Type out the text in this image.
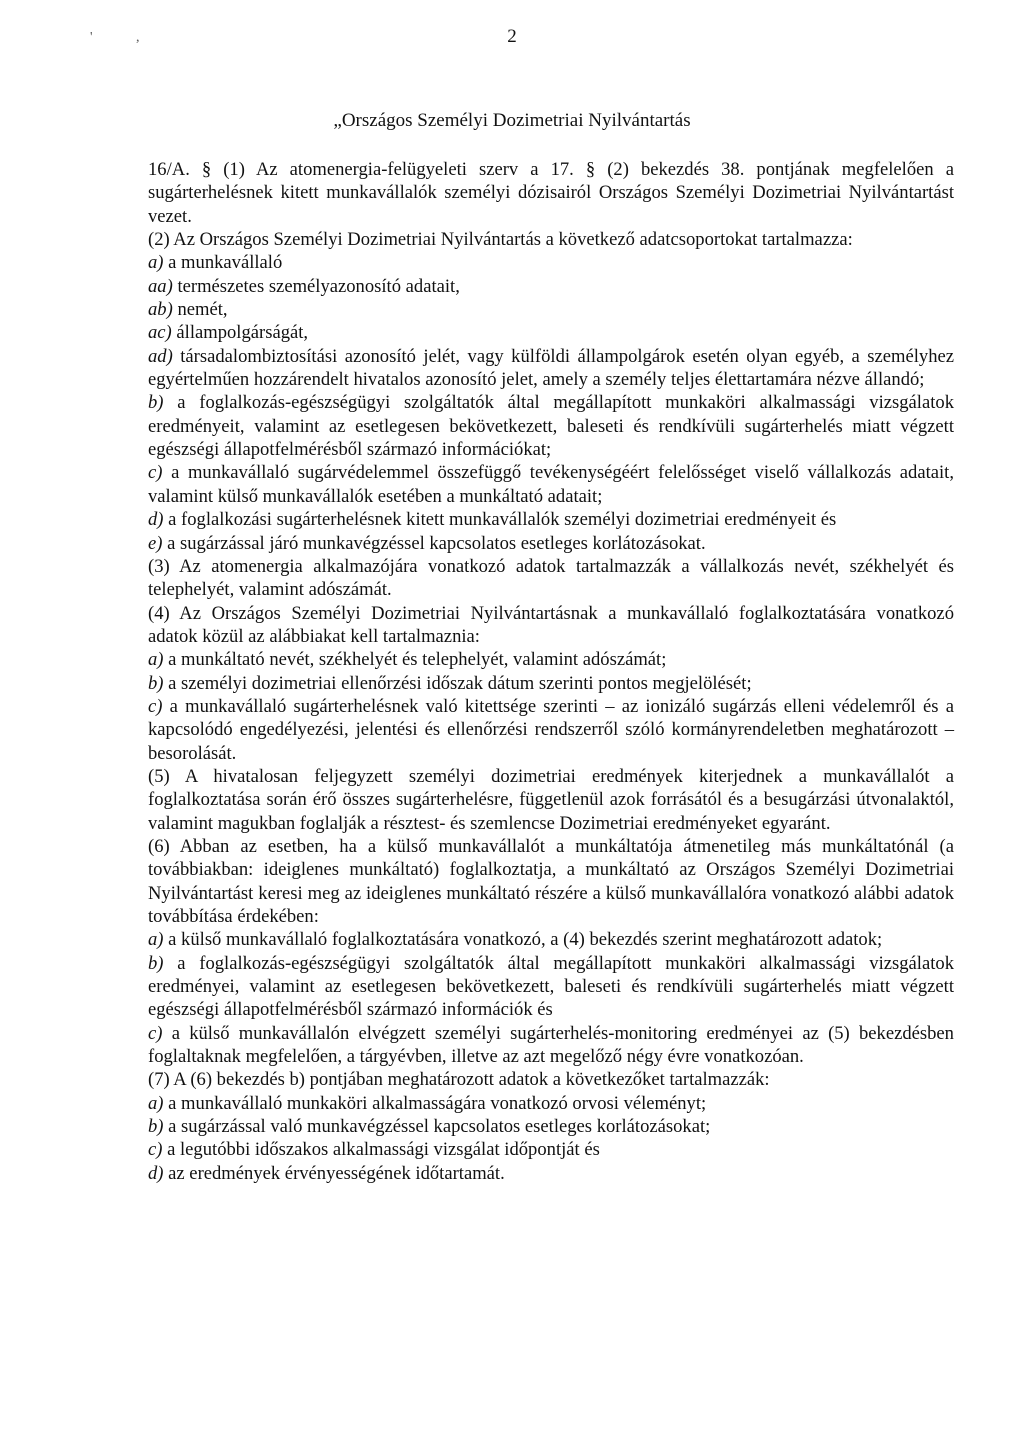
' ,	2
„Országos Személyi Dozimetriai Nyilvántartás

16/A. § (1) Az atomenergia-felügyeleti szerv a 17. § (2) bekezdés 38. pontjának megfelelően a sugárterhelésnek kitett munkavállalók személyi dózisairól Országos Személyi Dozimetriai Nyilvántartást vezet.

(2) Az Országos Személyi Dozimetriai Nyilvántartás a következő adatcsoportokat tartalmazza:

a) a munkavállaló

aa) természetes személyazonosító adatait,

ab) nemét,

ac) állampolgárságát,

ad) társadalombiztosítási azonosító jelét, vagy külföldi állampolgárok esetén olyan egyéb, a személyhez egyértelműen hozzárendelt hivatalos azonosító jelet, amely a személy teljes élettartamára nézve állandó;

b) a foglalkozás-egészségügyi szolgáltatók által megállapított munkaköri alkalmassági vizsgálatok eredményeit, valamint az esetlegesen bekövetkezett, baleseti és rendkívüli sugárterhelés miatt végzett egészségi állapotfelmérésből származó információkat;

c) a munkavállaló sugárvédelemmel összefüggő tevékenységéért felelősséget viselő vállalkozás adatait, valamint külső munkavállalók esetében a munkáltató adatait;

d) a foglalkozási sugárterhelésnek kitett munkavállalók személyi dozimetriai eredményeit és

e) a sugárzással járó munkavégzéssel kapcsolatos esetleges korlátozásokat.

(3) Az atomenergia alkalmazójára vonatkozó adatok tartalmazzák a vállalkozás nevét, székhelyét és telephelyét, valamint adószámát.

(4) Az Országos Személyi Dozimetriai Nyilvántartásnak a munkavállaló foglalkoztatására vonatkozó adatok közül az alábbiakat kell tartalmaznia:

a) a munkáltató nevét, székhelyét és telephelyét, valamint adószámát;

b) a személyi dozimetriai ellenőrzési időszak dátum szerinti pontos megjelölését;

c) a munkavállaló sugárterhelésnek való kitettsége szerinti – az ionizáló sugárzás elleni védelemről és a kapcsolódó engedélyezési, jelentési és ellenőrzési rendszerről szóló kormányrendeletben meghatározott – besorolását.

(5) A hivatalosan feljegyzett személyi dozimetriai eredmények kiterjednek a munkavállalót a foglalkoztatása során érő összes sugárterhelésre, függetlenül azok forrásától és a besugárzási útvonalaktól, valamint magukban foglalják a résztest- és szemlencse Dozimetriai eredményeket egyaránt.

(6) Abban az esetben, ha a külső munkavállalót a munkáltatója átmenetileg más munkáltatónál (a továbbiakban: ideiglenes munkáltató) foglalkoztatja, a munkáltató az Országos Személyi Dozimetriai Nyilvántartást keresi meg az ideiglenes munkáltató részére a külső munkavállalóra vonatkozó alábbi adatok továbbítása érdekében:

a) a külső munkavállaló foglalkoztatására vonatkozó, a (4) bekezdés szerint meghatározott adatok;

b) a foglalkozás-egészségügyi szolgáltatók által megállapított munkaköri alkalmassági vizsgálatok eredményei, valamint az esetlegesen bekövetkezett, baleseti és rendkívüli sugárterhelés miatt végzett egészségi állapotfelmérésből származó információk és

c) a külső munkavállalón elvégzett személyi sugárterhelés-monitoring eredményei az (5) bekezdésben foglaltaknak megfelelően, a tárgyévben, illetve az azt megelőző négy évre vonatkozóan.

(7) A (6) bekezdés b) pontjában meghatározott adatok a következőket tartalmazzák:

a) a munkavállaló munkaköri alkalmasságára vonatkozó orvosi véleményt;

b) a sugárzással való munkavégzéssel kapcsolatos esetleges korlátozásokat;

c) a legutóbbi időszakos alkalmassági vizsgálat időpontját és

d) az eredmények érvényességének időtartamát.
